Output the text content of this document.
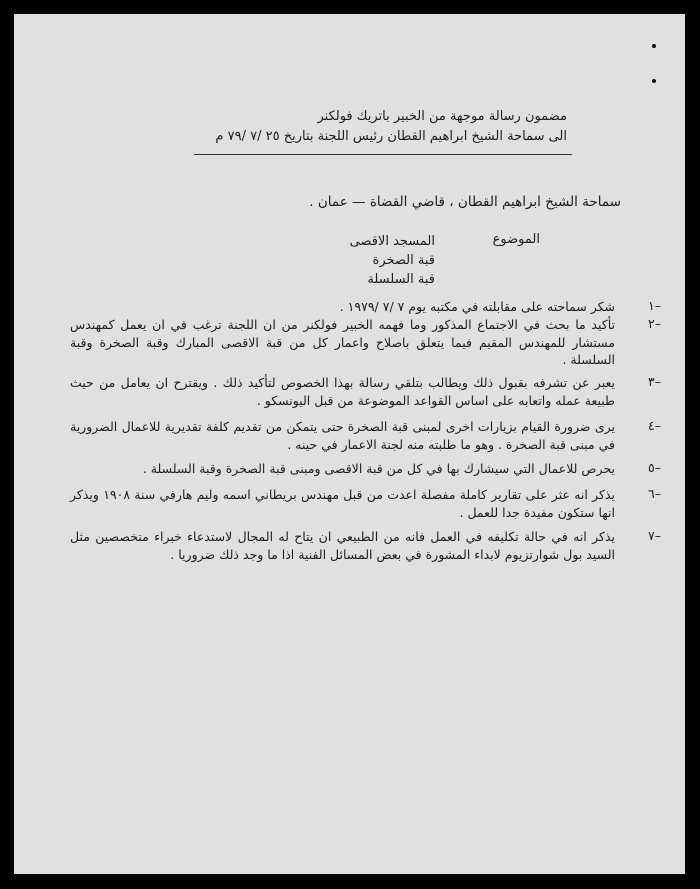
مضمون رسالة موجهة من الخبير باتريك فولكنر
الى سماحة الشيخ ابراهيم القطان رئيس اللجنة بتاريخ ٢٥ /٧ /٧٩ م
سماحة الشيخ ابراهيم القطان ، قاضي القضاة — عمان .
الموضوع
المسجد الاقصى
قبة الصخرة
قبة السلسلة
١–
شكر سماحته على مقابلته في مكتبه يوم ٧ /٧ /١٩٧٩ .
٢–
تأكيد ما بحث في الاجتماع المذكور وما فهمه الخبير فولكنر من ان اللجنة ترغب في ان يعمل كمهندس مستشار للمهندس المقيم فيما يتعلق باصلاح واعمار كل من قبة الاقصى المبارك وقبة الصخرة وقبة السلسلة .
٣–
يعبر عن تشرفه بقبول ذلك ويطالب بتلقي رسالة بهذا الخصوص لتأكيد ذلك . ويقترح ان يعامل من حيث طبيعة عمله واتعابه على اساس القواعد الموضوعة من قبل اليونسكو .
٤–
يرى ضرورة القيام بزيارات اخرى لمبنى قبة الصخرة حتى يتمكن من تقديم كلفة تقديرية للاعمال الضرورية في مبنى قبة الصخرة . وهو ما طلبته منه لجنة الاعمار في حينه .
٥–
يحرص للاعمال التي سيشارك بها في كل من قبة الاقصى ومبنى قبة الصخرة وقبة السلسلة .
٦–
يذكر انه عثر على تقارير كاملة مفصلة اعدت من قبل مهندس بريطاني اسمه وليم هارفي سنة ١٩٠٨ ويذكر انها ستكون مفيدة جدا للعمل .
٧–
يذكر انه في حالة تكليفه في العمل فانه من الطبيعي ان يتاح له المجال لاستدعاء خبراء متخصصين مثل السيد بول شوارتزيوم لابداء المشورة في بعض المسائل الفنية اذا ما وجد ذلك ضروريا .
